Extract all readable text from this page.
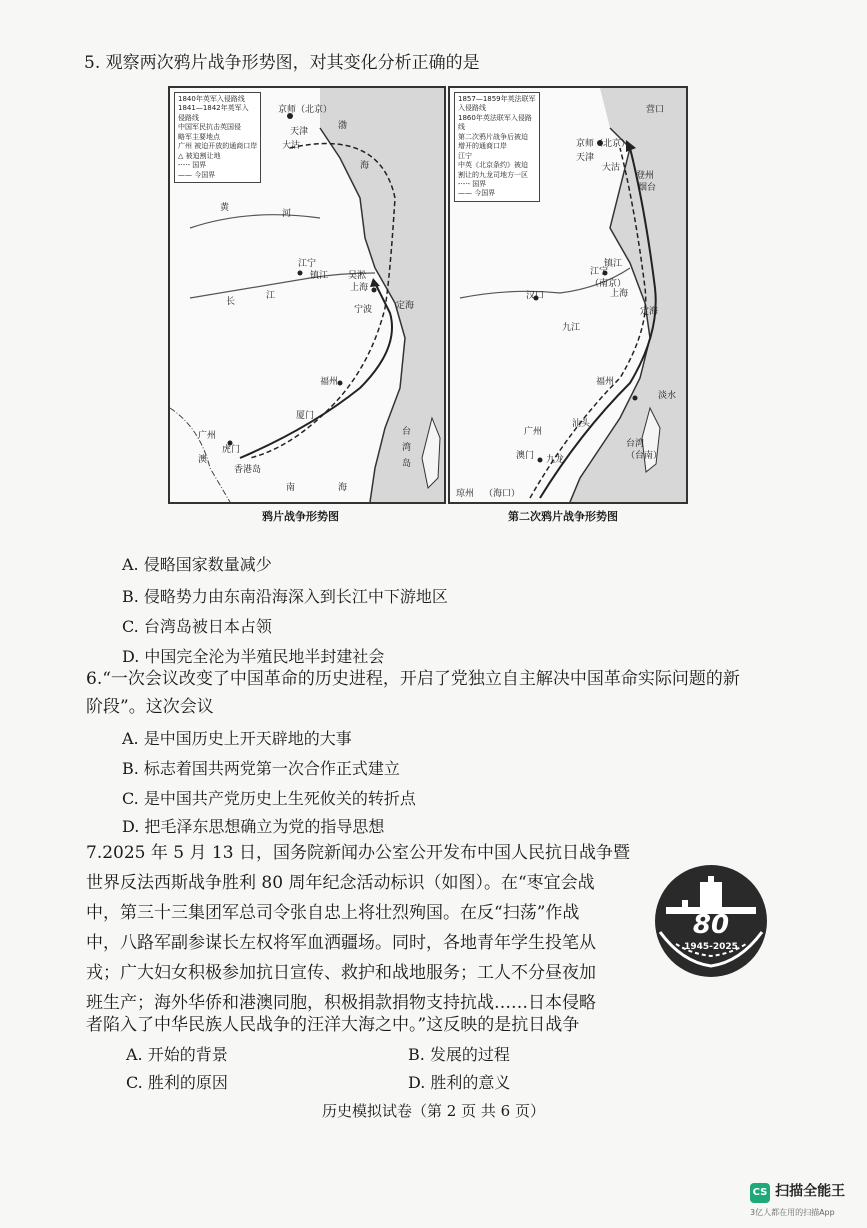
5. 观察两次鸦片战争形势图，对其变化分析正确的是
1840年英军入侵路线
1841—1842年英军入
侵路线
中国军民抗击英国侵
略军主要地点
广州 被迫开放的通商口岸
△ 被迫割让地
-·-·- 国界
—— 今国界
京师（北京）
天津
大沽
渤
海
黄
河
江宁
镇江 吴淞
上海
宁波	定海
长
江
福州
厦门
台
湾
岛
广州
虎门
澳
香港岛
南	海
鸦片战争形势图
1857—1859年英法联军
入侵路线
1860年英法联军入侵路
线
第二次鸦片战争后被迫
增开的通商口岸
江宁
中英《北京条约》被迫
割让的九龙司地方一区
-·-·- 国界
—— 今国界
营口
京师（北京）
天津
大沽
登州
烟台
镇江
江宁
（南京）
上海
汉口
九江
定海
福州
淡水
台湾
（台南）
汕头
广州
澳门 九龙
琼州 （海口）
第二次鸦片战争形势图
A. 侵略国家数量减少
B. 侵略势力由东南沿海深入到长江中下游地区
C. 台湾岛被日本占领
D. 中国完全沦为半殖民地半封建社会
6.“一次会议改变了中国革命的历史进程，开启了党独立自主解决中国革命实际问题的新
阶段”。这次会议
A. 是中国历史上开天辟地的大事
B. 标志着国共两党第一次合作正式建立
C. 是中国共产党历史上生死攸关的转折点
D. 把毛泽东思想确立为党的指导思想
7.2025 年 5 月 13 日，国务院新闻办公室公开发布中国人民抗日战争暨
世界反法西斯战争胜利 80 周年纪念活动标识（如图）。在“枣宜会战
中，第三十三集团军总司令张自忠上将壮烈殉国。在反“扫荡”作战
中，八路军副参谋长左权将军血洒疆场。同时，各地青年学生投笔从
戎；广大妇女积极参加抗日宣传、救护和战地服务；工人不分昼夜加
班生产；海外华侨和港澳同胞，积极捐款捐物支持抗战……日本侵略
者陷入了中华民族人民战争的汪洋大海之中。”这反映的是抗日战争
A. 开始的背景	B. 发展的过程
C. 胜利的原因	D. 胜利的意义
80
1945-2025
历史模拟试卷（第 2 页 共 6 页）
CS 扫描全能王
3亿人都在用的扫描App
